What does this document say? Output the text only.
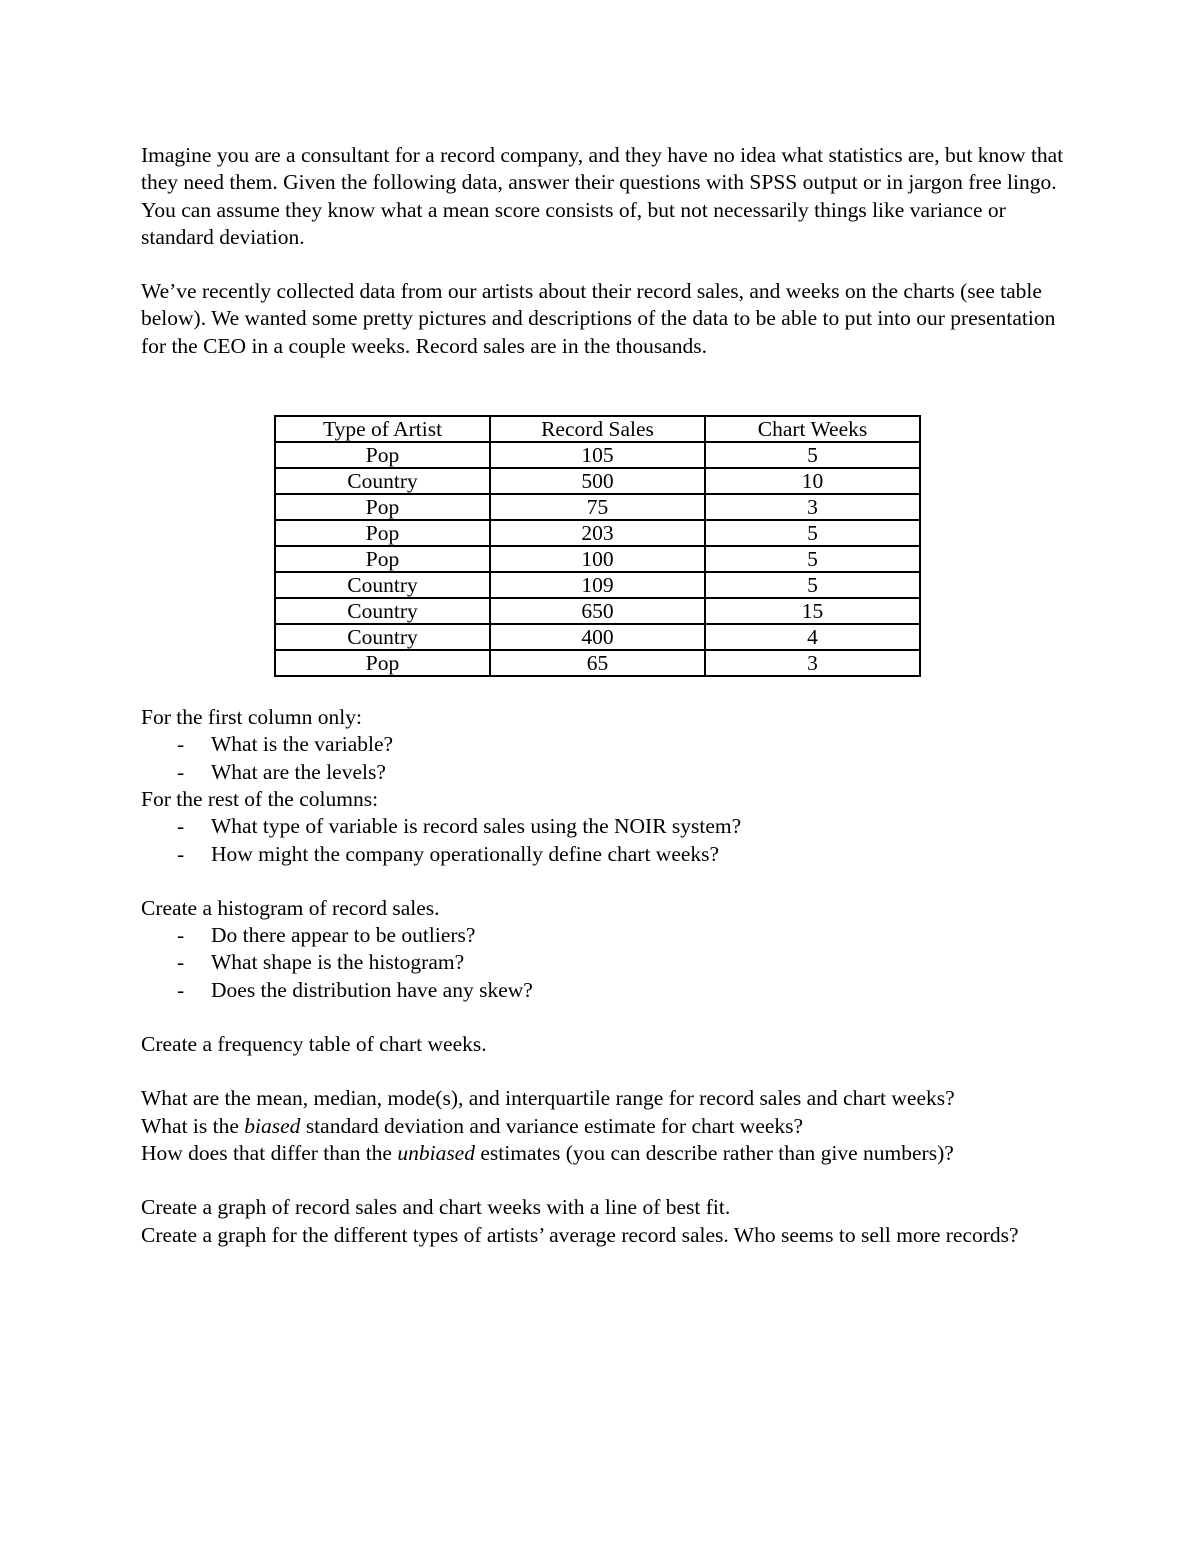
Imagine you are a consultant for a record company, and they have no idea what statistics are, but know that they need them. Given the following data, answer their questions with SPSS output or in jargon free lingo. You can assume they know what a mean score consists of, but not necessarily things like variance or standard deviation.

We’ve recently collected data from our artists about their record sales, and weeks on the charts (see table below). We wanted some pretty pictures and descriptions of the data to be able to put into our presentation for the CEO in a couple weeks. Record sales are in the thousands.

Type of Artist	Record Sales	Chart Weeks
Pop	105	5
Country	500	10
Pop	75	3
Pop	203	5
Pop	100	5
Country	109	5
Country	650	15
Country	400	4
Pop	65	3

For the first column only:

- What is the variable?
- What are the levels?

For the rest of the columns:

- What type of variable is record sales using the NOIR system?
- How might the company operationally define chart weeks?

Create a histogram of record sales.

- Do there appear to be outliers?
- What shape is the histogram?
- Does the distribution have any skew?

Create a frequency table of chart weeks.

What are the mean, median, mode(s), and interquartile range for record sales and chart weeks?

What is the biased standard deviation and variance estimate for chart weeks?

How does that differ than the unbiased estimates (you can describe rather than give numbers)?

Create a graph of record sales and chart weeks with a line of best fit.

Create a graph for the different types of artists’ average record sales. Who seems to sell more records?
